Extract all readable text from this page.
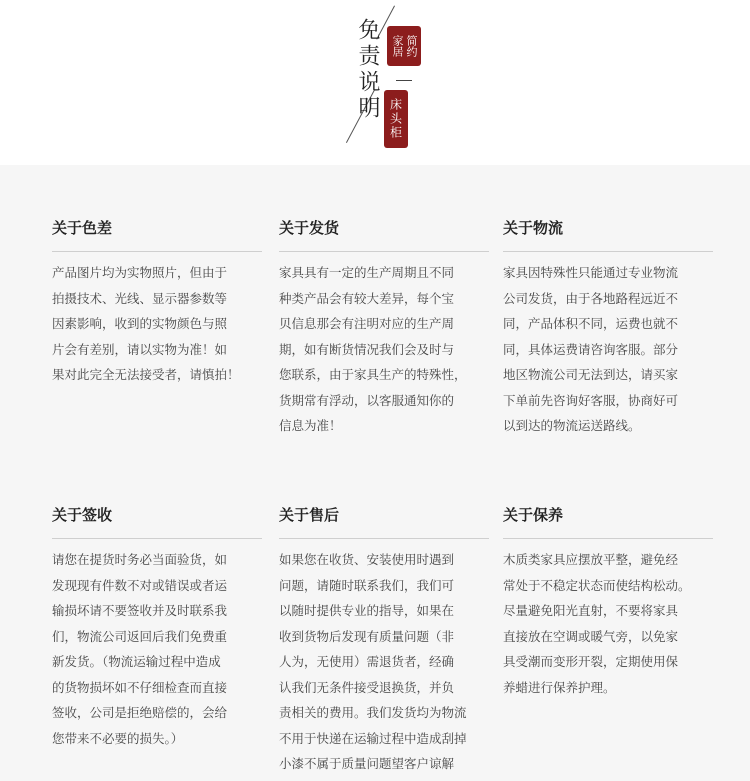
免责说明	简约家居
床头柜
关于色差

产品图片均为实物照片，但由于
拍摄技术、光线、显示器参数等
因素影响，收到的实物颜色与照
片会有差别，请以实物为准！如
果对此完全无法接受者，请慎拍！

关于发货

家具具有一定的生产周期且不同
种类产品会有较大差异，每个宝
贝信息那会有注明对应的生产周
期，如有断货情况我们会及时与
您联系，由于家具生产的特殊性，
货期常有浮动，以客服通知你的
信息为准！

关于物流

家具因特殊性只能通过专业物流
公司发货，由于各地路程远近不
同，产品体积不同，运费也就不
同，具体运费请咨询客服。部分
地区物流公司无法到达，请买家
下单前先咨询好客服，协商好可
以到达的物流运送路线。

关于签收

请您在提货时务必当面验货，如
发现现有件数不对或错误或者运
输损坏请不要签收并及时联系我
们，物流公司返回后我们免费重
新发货。（物流运输过程中造成
的货物损坏如不仔细检查而直接
签收，公司是拒绝赔偿的，会给
您带来不必要的损失。）

关于售后

如果您在收货、安装使用时遇到
问题，请随时联系我们，我们可
以随时提供专业的指导，如果在
收到货物后发现有质量问题（非
人为，无使用）需退货者，经确
认我们无条件接受退换货，并负
责相关的费用。我们发货均为物流
不用于快递在运输过程中造成刮掉
小漆不属于质量问题望客户谅解

关于保养

木质类家具应摆放平整，避免经
常处于不稳定状态而使结构松动。
尽量避免阳光直射，不要将家具
直接放在空调或暖气旁，以免家
具受潮而变形开裂，定期使用保
养蜡进行保养护理。
